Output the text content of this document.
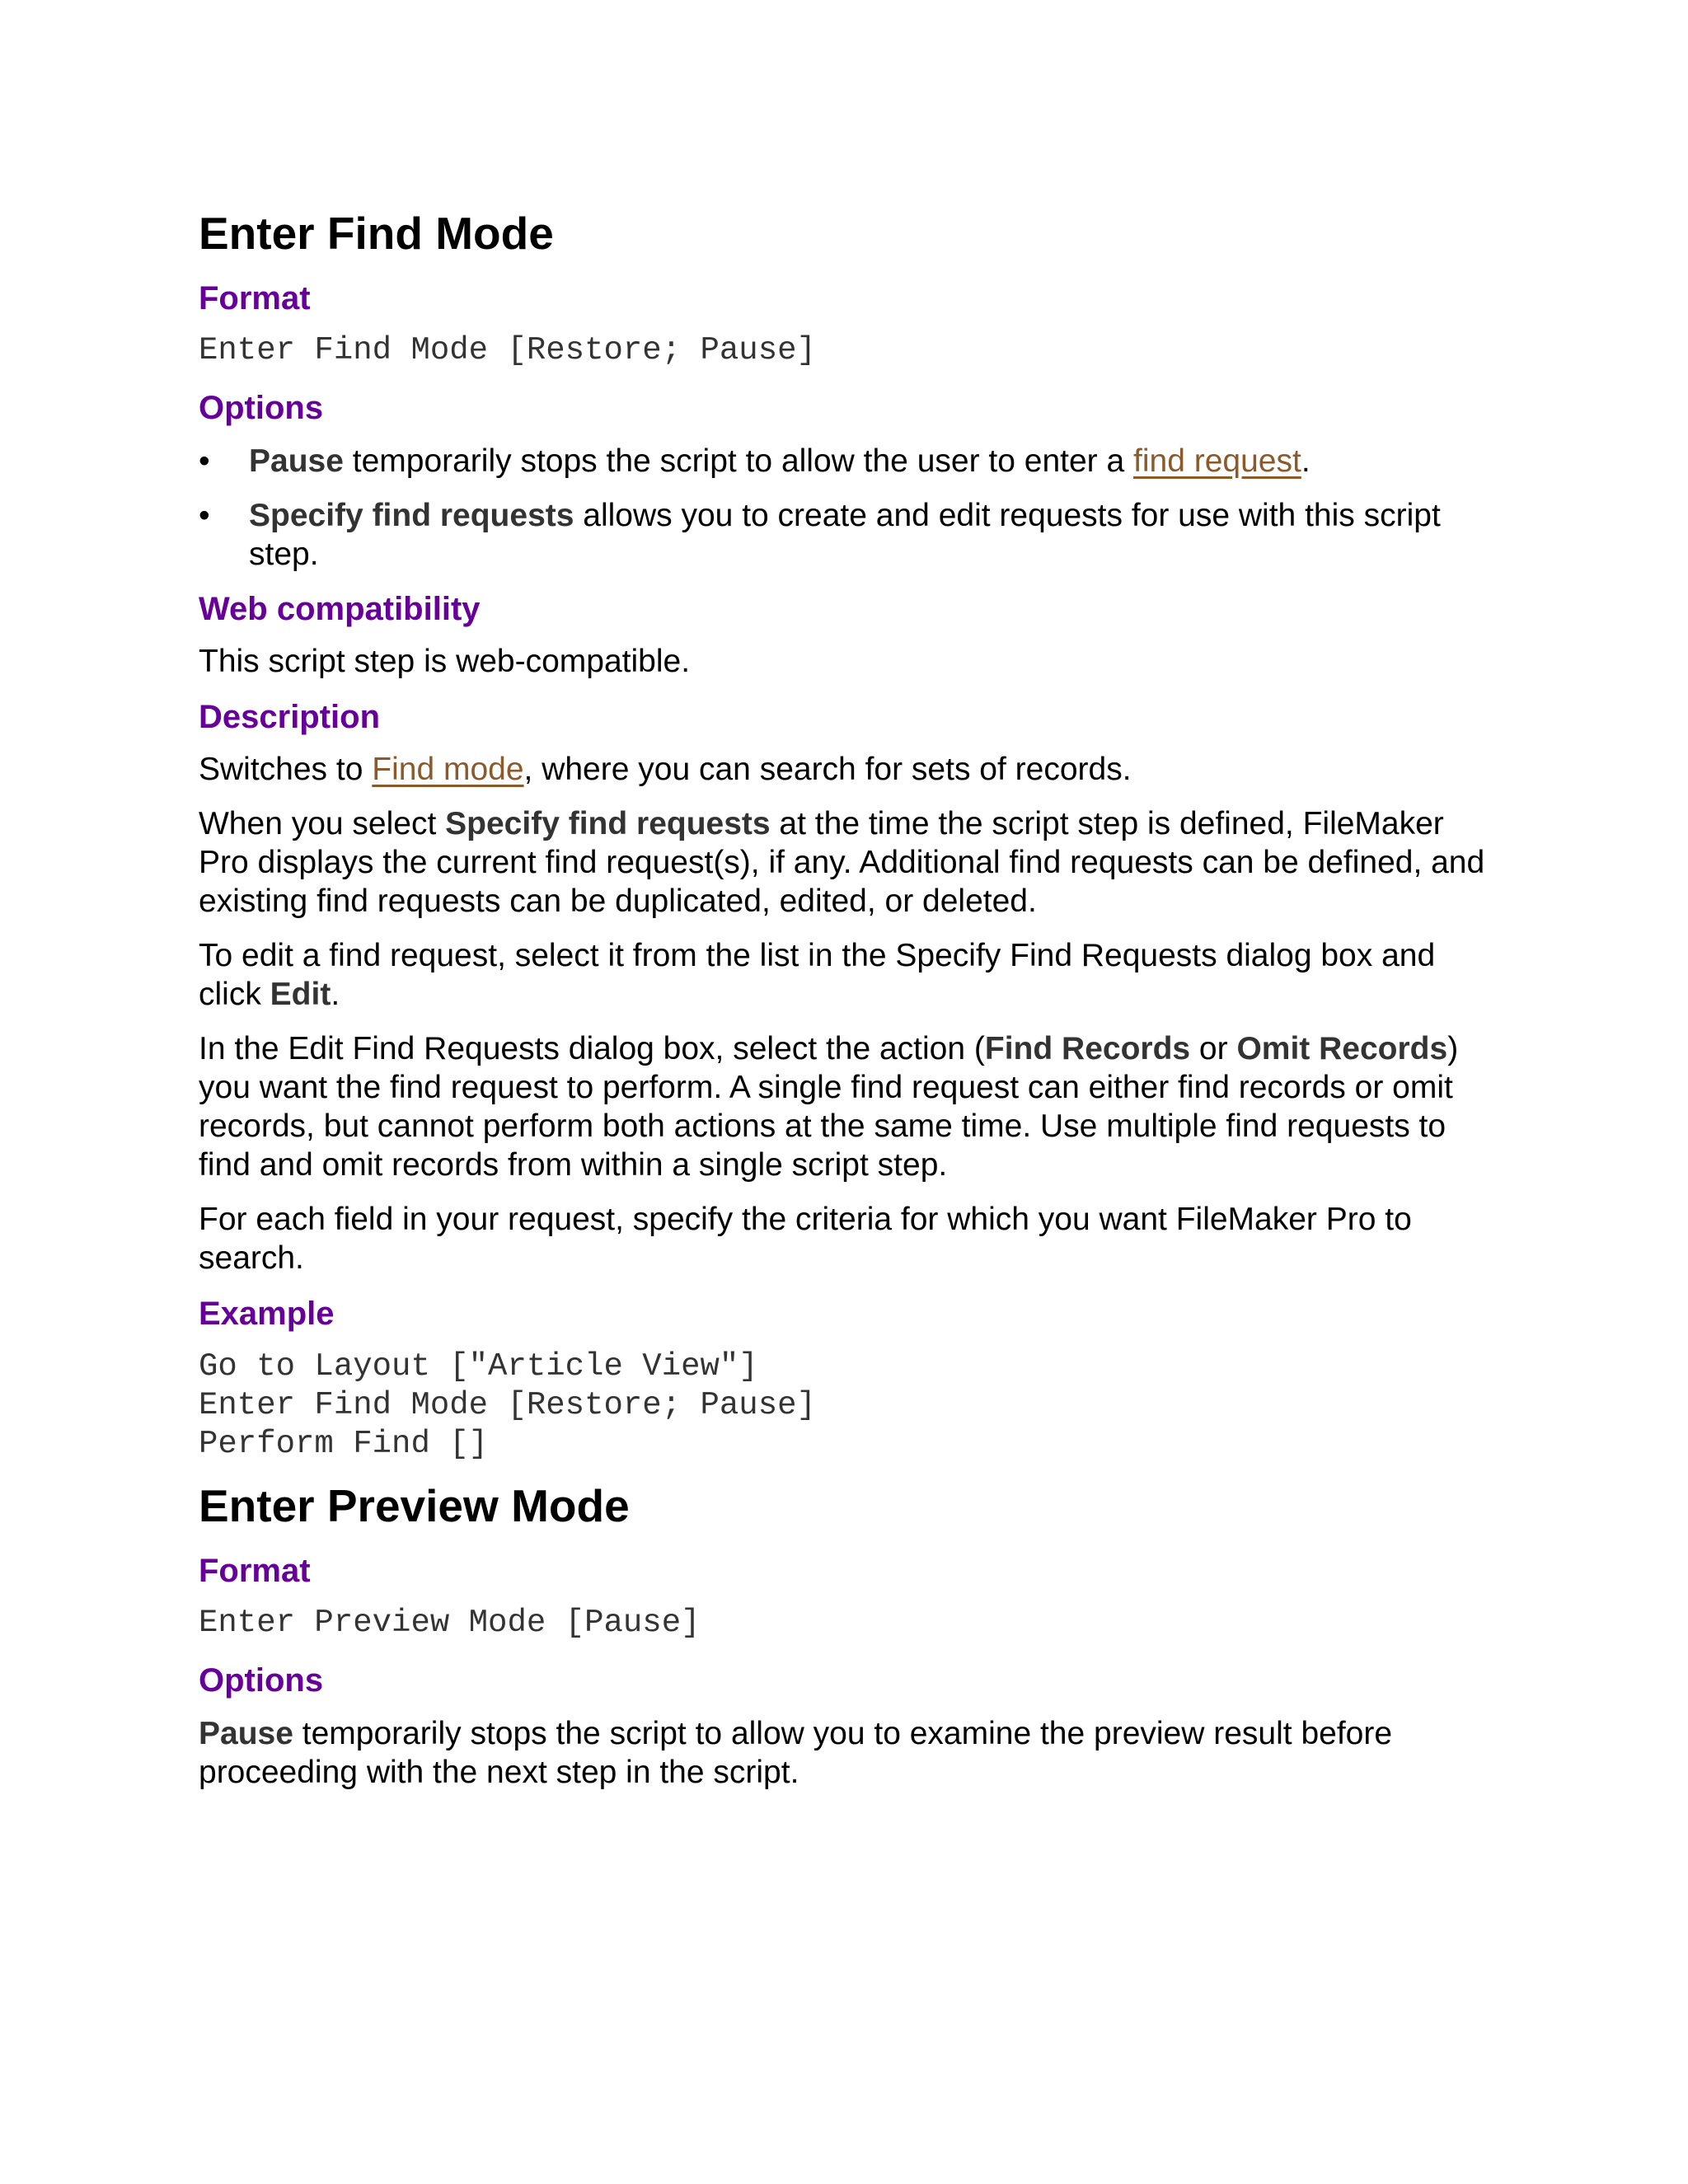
Enter Find Mode
Format
Enter Find Mode [Restore; Pause]
Options
• Pause temporarily stops the script to allow the user to enter a find request.
• Specify find requests allows you to create and edit requests for use with this script step.
Web compatibility

This script step is web-compatible.

Description

Switches to Find mode, where you can search for sets of records.

When you select Specify find requests at the time the script step is defined, FileMaker Pro displays the current find request(s), if any. Additional find requests can be defined, and existing find requests can be duplicated, edited, or deleted.

To edit a find request, select it from the list in the Specify Find Requests dialog box and click Edit.

In the Edit Find Requests dialog box, select the action (Find Records or Omit Records) you want the find request to perform. A single find request can either find records or omit records, but cannot perform both actions at the same time. Use multiple find requests to find and omit records from within a single script step.

For each field in your request, specify the criteria for which you want FileMaker Pro to search.

Example
Go to Layout ["Article View"]
Enter Find Mode [Restore; Pause]
Perform Find []
Enter Preview Mode
Format
Enter Preview Mode [Pause]
Options

Pause temporarily stops the script to allow you to examine the preview result before proceeding with the next step in the script.
